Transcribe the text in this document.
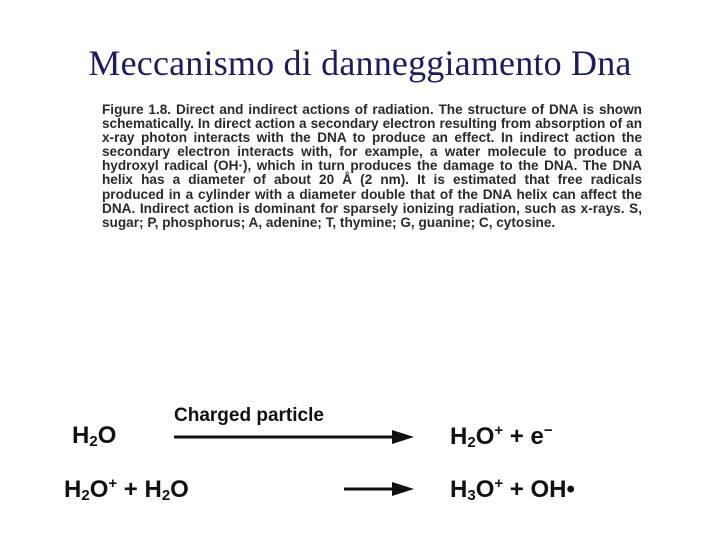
Meccanismo di danneggiamento Dna
Figure 1.8. Direct and indirect actions of radiation. The structure of DNA is shown schematically. In direct action a secondary electron resulting from absorption of an x-ray photon interacts with the DNA to produce an effect. In indirect action the secondary electron interacts with, for example, a water molecule to produce a hydroxyl radical (OH·), which in turn produces the damage to the DNA. The DNA helix has a diameter of about 20 Å (2 nm). It is estimated that free radicals produced in a cylinder with a diameter double that of the DNA helix can affect the DNA. Indirect action is dominant for sparsely ionizing radiation, such as x-rays. S, sugar; P, phosphorus; A, adenine; T, thymine; G, guanine; C, cytosine.
Charged particle
$H_2O$	$H_2O^+ + e^-$
$H_2O^+ + H_2O$	$H_3O^+$ + OH•
